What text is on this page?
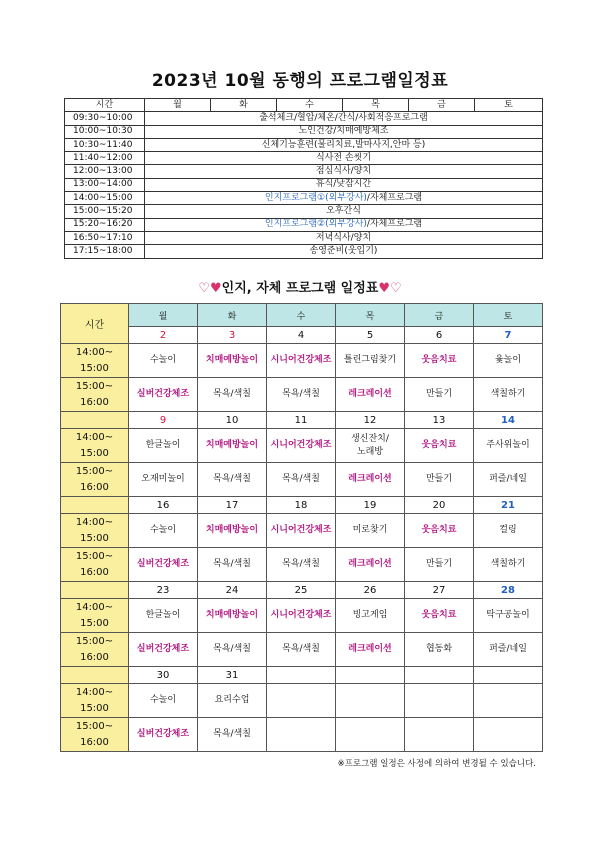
2023년 10월 동행의 프로그램일정표
시간	월	화	수	목	금	토
09:30~10:00	출석체크/혈압/체온/간식/사회적응프로그램					
10:00~10:30	노인건강/치매예방체조					
10:30~11:40	신체기능훈련(물리치료,발마사지,안마 등)					
11:40~12:00	식사전 손씻기					
12:00~13:00	점심식사/양치					
13:00~14:00	휴식/낮잠시간					
14:00~15:00	인지프로그램①(외부강사)/자체프로그램					
15:00~15:20	오후간식					
15:20~16:20	인지프로그램②(외부강사)/자체프로그램					
16:50~17:10	저녁식사/양치					
17:15~18:00	송영준비(웃입기)					
♡♥인지, 자체 프로그램 일정표♥♡
시간	월	화	수	목	금	토
	2	3	4	5	6	7
14:00~
15:00	수놀이	치매예방놀이	시니어건강체조	틀린그림찾기	웃음치료	윷놀이
15:00~
16:00	실버건강체조	목욕/색칠	목욕/색칠	레크레이션	만들기	색칠하기
	9	10	11	12	13	14
14:00~
15:00	한글놀이	치매예방놀이	시니어건강체조	생신잔치/
노래방	웃음치료	주사위놀이
15:00~
16:00	오재미놀이	목욕/색칠	목욕/색칠	레크레이션	만들기	퍼즐/네일
	16	17	18	19	20	21
14:00~
15:00	수놀이	치매예방놀이	시니어건강체조	미로찾기	웃음치료	컬링
15:00~
16:00	실버건강체조	목욕/색칠	목욕/색칠	레크레이션	만들기	색칠하기
	23	24	25	26	27	28
14:00~
15:00	한글놀이	치매예방놀이	시니어건강체조	빙고게임	웃음치료	탁구공놀이
15:00~
16:00	실버건강체조	목욕/색칠	목욕/색칠	레크레이션	협동화	퍼즐/네일
	30	31				
14:00~
15:00	수놀이	요리수업				
15:00~
16:00	실버건강체조	목욕/색칠				
※프로그램 일정은 사정에 의하여 변경될 수 있습니다.
